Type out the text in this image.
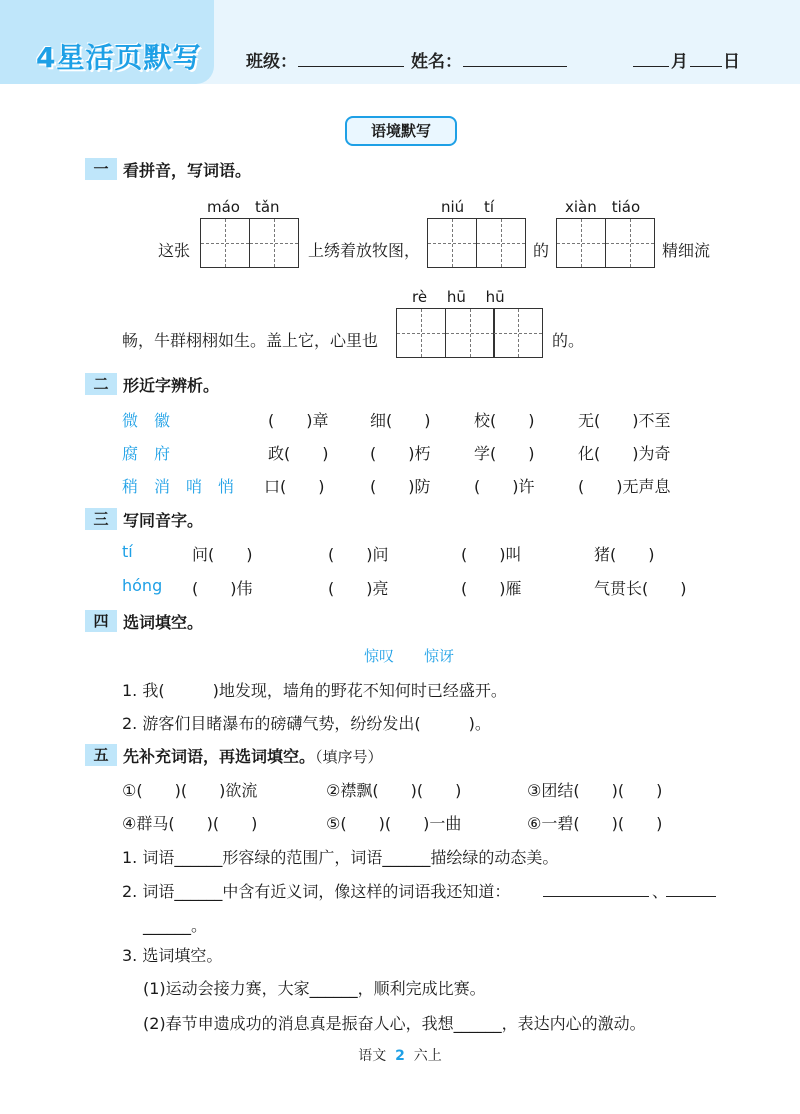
4星活页默写	班级：	姓名：	月 日
语境默写
一 看拼音，写词语。
máo　tǎn	niú　 tí	xiàn　tiáo
这张	上绣着放牧图，	的	精细流
rè　 hū　 hū
畅，牛群栩栩如生。盖上它，心里也	的。
二 形近字辨析。
微　徽	(　　)章	细(　　)	校(　　)	无(　　)不至
腐　府	政(　　)	(　　)朽	学(　　)	化(　　)为奇
稍　消　哨　悄 口(　　)	(　　)防	(　　)许	(　　)无声息
三 写同音字。
tí	问(　　)	(　　)问	(　　)叫	猪(　　)
hóng (　　)伟	(　　)亮	(　　)雁	气贯长(　　)
四 选词填空。
惊叹　　惊讶
1. 我(　　　)地发现，墙角的野花不知何时已经盛开。
2. 游客们目睹瀑布的磅礴气势，纷纷发出(　　　)。
五 先补充词语，再选词填空。（填序号）
①(　　)(　　)欲流	②襟飘(　　)(　　)	③团结(　　)(　　)
④群马(　　)(　　)	⑤(　　)(　　)一曲	⑥一碧(　　)(　　)
1. 词语______形容绿的范围广，词语______描绘绿的动态美。
2. 词语______中含有近义词，像这样的词语我还知道：	、
______。
3. 选词填空。
(1)运动会接力赛，大家______，顺利完成比赛。
(2)春节申遗成功的消息真是振奋人心，我想______，表达内心的激动。
语文 2 六上
